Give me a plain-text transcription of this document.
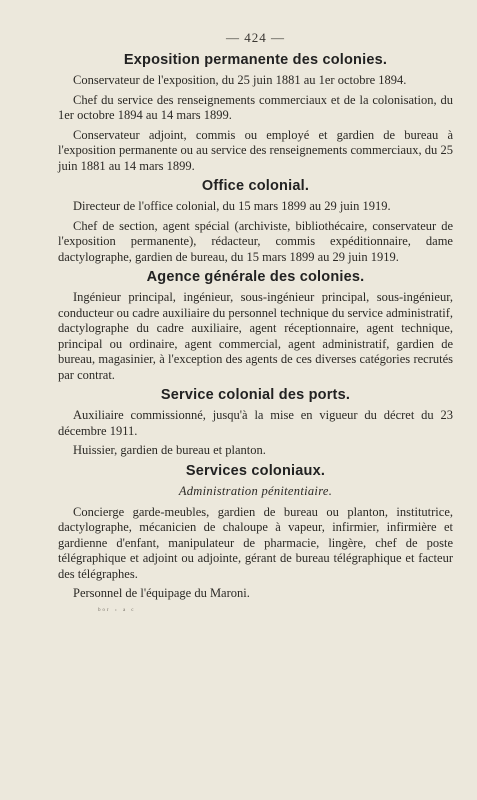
— 424 —
Exposition permanente des colonies.

Conservateur de l'exposition, du 25 juin 1881 au 1er octobre 1894.

Chef du service des renseignements commerciaux et de la colonisation, du 1er octobre 1894 au 14 mars 1899.

Conservateur adjoint, commis ou employé et gardien de bureau à l'exposition permanente ou au service des renseignements commerciaux, du 25 juin 1881 au 14 mars 1899.

Office colonial.

Directeur de l'office colonial, du 15 mars 1899 au 29 juin 1919.

Chef de section, agent spécial (archiviste, bibliothécaire, conservateur de l'exposition permanente), rédacteur, commis expéditionnaire, dame dactylographe, gardien de bureau, du 15 mars 1899 au 29 juin 1919.

Agence générale des colonies.

Ingénieur principal, ingénieur, sous-ingénieur principal, sous-ingénieur, conducteur ou cadre auxiliaire du personnel technique du service administratif, dactylographe du cadre auxiliaire, agent réceptionnaire, agent technique, principal ou ordinaire, agent commercial, agent administratif, gardien de bureau, magasinier, à l'exception des agents de ces diverses catégories recrutés par contrat.

Service colonial des ports.

Auxiliaire commissionné, jusqu'à la mise en vigueur du décret du 23 décembre 1911.

Huissier, gardien de bureau et planton.

Services coloniaux.
Administration pénitentiaire.

Concierge garde-meubles, gardien de bureau ou planton, institutrice, dactylographe, mécanicien de chaloupe à vapeur, infirmier, infirmière et gardienne d'enfant, manipulateur de pharmacie, lingère, chef de poste télégraphique et adjoint ou adjointe, gérant de bureau télégraphique et facteur des télégraphes.

Personnel de l'équipage du Maroni.

ᵇᵒʳ · ᵃ ᶜ
